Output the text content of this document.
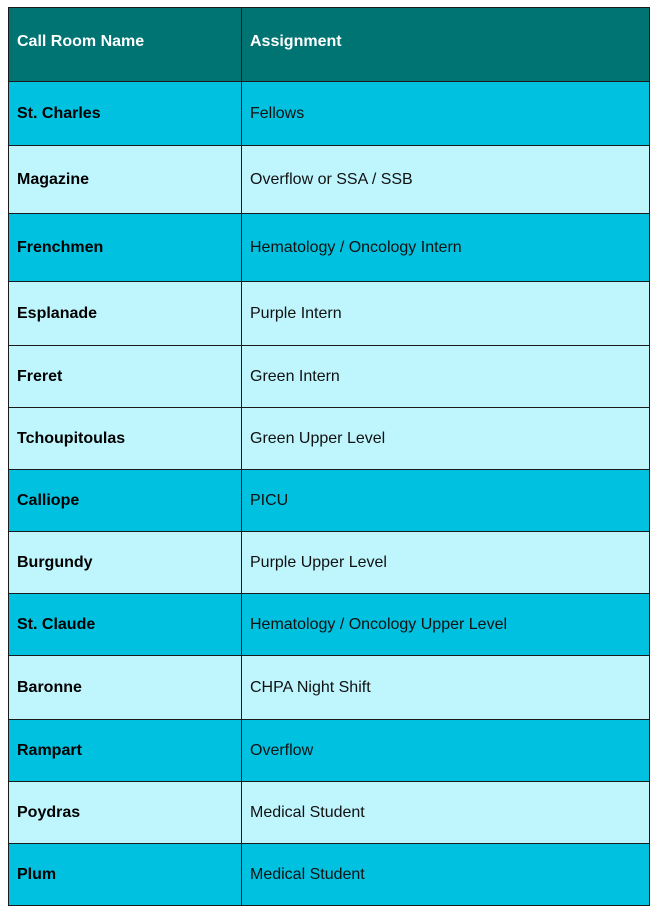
Call Room Name	Assignment
St. Charles	Fellows
Magazine	Overflow or SSA / SSB
Frenchmen	Hematology / Oncology Intern
Esplanade	Purple Intern
Freret	Green Intern
Tchoupitoulas	Green Upper Level
Calliope	PICU
Burgundy	Purple Upper Level
St. Claude	Hematology / Oncology Upper Level
Baronne	CHPA Night Shift
Rampart	Overflow
Poydras	Medical Student
Plum	Medical Student
